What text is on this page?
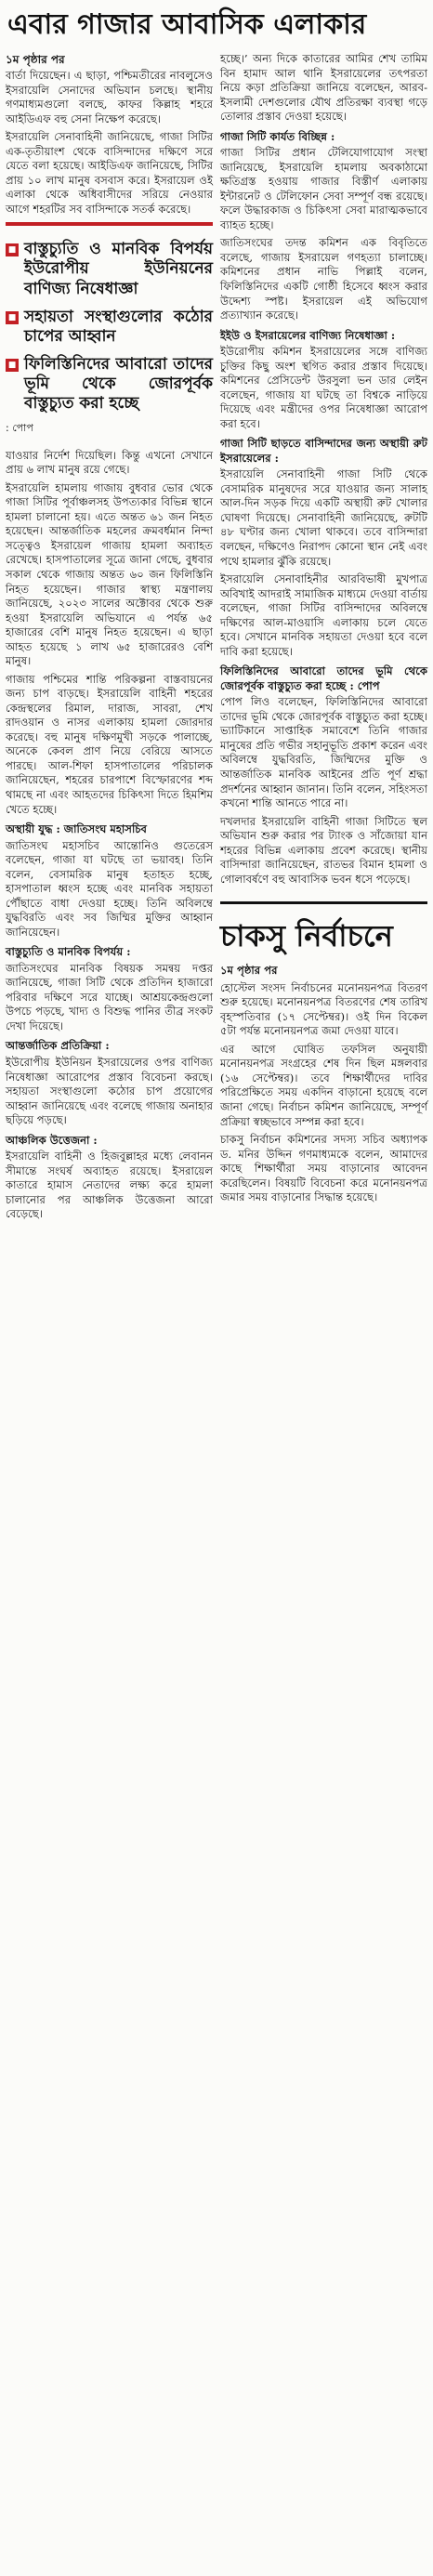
এবার গাজার আবাসিক এলাকার
১ম পৃষ্ঠার পর

বার্তা দিয়েছেন। এ ছাড়া, পশ্চিমতীরের নাবলুসেও ইসরায়েলি সেনাদের অভিযান চলছে। স্থানীয় গণমাধ্যমগুলো বলছে, কাফর কিল্লাহ শহরে আইডিএফ বহু সেনা নিক্ষেপ করেছে।

ইসরায়েলি সেনাবাহিনী জানিয়েছে, গাজা সিটির এক-তৃতীয়াংশ থেকে বাসিন্দাদের দক্ষিণে সরে যেতে বলা হয়েছে। আইডিএফ জানিয়েছে, সিটির প্রায় ১০ লাখ মানুষ বসবাস করে। ইসরায়েল ওই এলাকা থেকে অধিবাসীদের সরিয়ে নেওয়ার আগে শহরটির সব বাসিন্দাকে সতর্ক করেছে।

■ বাস্তুচ্যুতি ও মানবিক বিপর্যয় ইউরোপীয় ইউনিয়নের বাণিজ্য নিষেধাজ্ঞা
■ সহায়তা সংস্থাগুলোর কঠোর চাপের আহ্বান
■ ফিলিস্তিনিদের আবারো তাদের ভূমি থেকে জোরপূর্বক বাস্তুচ্যুত করা হচ্ছে
: পোপ

যাওয়ার নির্দেশ দিয়েছিল। কিন্তু এখনো সেখানে প্রায় ৬ লাখ মানুষ রয়ে গেছে।

ইসরায়েলি হামলায় গাজায় বুধবার ভোর থেকে গাজা সিটির পূর্বাঞ্চলসহ উপত্যকার বিভিন্ন স্থানে হামলা চালানো হয়। এতে অন্তত ৬১ জন নিহত হয়েছেন। আন্তর্জাতিক মহলের ক্রমবর্ধমান নিন্দা সত্ত্বেও ইসরায়েল গাজায় হামলা অব্যাহত রেখেছে। হাসপাতালের সূত্রে জানা গেছে, বুধবার সকাল থেকে গাজায় অন্তত ৬০ জন ফিলিস্তিনি নিহত হয়েছেন। গাজার স্বাস্থ্য মন্ত্রণালয় জানিয়েছে, ২০২৩ সালের অক্টোবর থেকে শুরু হওয়া ইসরায়েলি অভিযানে এ পর্যন্ত ৬৫ হাজারের বেশি মানুষ নিহত হয়েছেন। এ ছাড়া আহত হয়েছে ১ লাখ ৬৫ হাজারেরও বেশি মানুষ।

গাজায় পশ্চিমের শান্তি পরিকল্পনা বাস্তবায়নের জন্য চাপ বাড়ছে। ইসরায়েলি বাহিনী শহরের কেন্দ্রস্থলের রিমাল, দারাজ, সাবরা, শেখ রাদওয়ান ও নাসর এলাকায় হামলা জোরদার করেছে। বহু মানুষ দক্ষিণমুখী সড়কে পালাচ্ছে, অনেকে কেবল প্রাণ নিয়ে বেরিয়ে আসতে পারছে। আল-শিফা হাসপাতালের পরিচালক জানিয়েছেন, শহরের চারপাশে বিস্ফোরণের শব্দ থামছে না এবং আহতদের চিকিৎসা দিতে হিমশিম খেতে হচ্ছে।

অস্থায়ী যুদ্ধ : জাতিসংঘ মহাসচিব

জাতিসংঘ মহাসচিব আন্তোনিও গুতেরেস বলেছেন, গাজা যা ঘটছে তা ভয়াবহ। তিনি বলেন, বেসামরিক মানুষ হতাহত হচ্ছে, হাসপাতাল ধ্বংস হচ্ছে এবং মানবিক সহায়তা পৌঁছাতে বাধা দেওয়া হচ্ছে। তিনি অবিলম্বে যুদ্ধবিরতি এবং সব জিম্মির মুক্তির আহ্বান জানিয়েছেন।

বাস্তুচ্যুতি ও মানবিক বিপর্যয় :

জাতিসংঘের মানবিক বিষয়ক সমন্বয় দপ্তর জানিয়েছে, গাজা সিটি থেকে প্রতিদিন হাজারো পরিবার দক্ষিণে সরে যাচ্ছে। আশ্রয়কেন্দ্রগুলো উপচে পড়ছে, খাদ্য ও বিশুদ্ধ পানির তীব্র সংকট দেখা দিয়েছে।

আন্তর্জাতিক প্রতিক্রিয়া :

ইউরোপীয় ইউনিয়ন ইসরায়েলের ওপর বাণিজ্য নিষেধাজ্ঞা আরোপের প্রস্তাব বিবেচনা করছে। সহায়তা সংস্থাগুলো কঠোর চাপ প্রয়োগের আহ্বান জানিয়েছে এবং বলেছে গাজায় অনাহার ছড়িয়ে পড়ছে।

আঞ্চলিক উত্তেজনা :

ইসরায়েলি বাহিনী ও হিজবুল্লাহর মধ্যে লেবানন সীমান্তে সংঘর্ষ অব্যাহত রয়েছে। ইসরায়েল কাতারে হামাস নেতাদের লক্ষ্য করে হামলা চালানোর পর আঞ্চলিক উত্তেজনা আরো বেড়েছে।

হচ্ছে।’ অন্য দিকে কাতারের আমির শেখ তামিম বিন হামাদ আল থানি ইসরায়েলের তৎপরতা নিয়ে কড়া প্রতিক্রিয়া জানিয়ে বলেছেন, আরব-ইসলামী দেশগুলোর যৌথ প্রতিরক্ষা ব্যবস্থা গড়ে তোলার প্রস্তাব দেওয়া হয়েছে।

গাজা সিটি কার্যত বিচ্ছিন্ন :

গাজা সিটির প্রধান টেলিযোগাযোগ সংস্থা জানিয়েছে, ইসরায়েলি হামলায় অবকাঠামো ক্ষতিগ্রস্ত হওয়ায় গাজার বিস্তীর্ণ এলাকায় ইন্টারনেট ও টেলিফোন সেবা সম্পূর্ণ বন্ধ রয়েছে। ফলে উদ্ধারকাজ ও চিকিৎসা সেবা মারাত্মকভাবে ব্যাহত হচ্ছে।

জাতিসংঘের তদন্ত কমিশন এক বিবৃতিতে বলেছে, গাজায় ইসরায়েল গণহত্যা চালাচ্ছে। কমিশনের প্রধান নাভি পিল্লাই বলেন, ফিলিস্তিনিদের একটি গোষ্ঠী হিসেবে ধ্বংস করার উদ্দেশ্য স্পষ্ট। ইসরায়েল এই অভিযোগ প্রত্যাখ্যান করেছে।

ইইউ ও ইসরায়েলের বাণিজ্য নিষেধাজ্ঞা :

ইউরোপীয় কমিশন ইসরায়েলের সঙ্গে বাণিজ্য চুক্তির কিছু অংশ স্থগিত করার প্রস্তাব দিয়েছে। কমিশনের প্রেসিডেন্ট উরসুলা ভন ডার লেইন বলেছেন, গাজায় যা ঘটছে তা বিশ্বকে নাড়িয়ে দিয়েছে এবং মন্ত্রীদের ওপর নিষেধাজ্ঞা আরোপ করা হবে।

গাজা সিটি ছাড়তে বাসিন্দাদের জন্য অস্থায়ী রুট ইসরায়েলের :

ইসরায়েলি সেনাবাহিনী গাজা সিটি থেকে বেসামরিক মানুষদের সরে যাওয়ার জন্য সালাহ আল-দিন সড়ক দিয়ে একটি অস্থায়ী রুট খোলার ঘোষণা দিয়েছে। সেনাবাহিনী জানিয়েছে, রুটটি ৪৮ ঘণ্টার জন্য খোলা থাকবে। তবে বাসিন্দারা বলছেন, দক্ষিণেও নিরাপদ কোনো স্থান নেই এবং পথে হামলার ঝুঁকি রয়েছে।

ইসরায়েলি সেনাবাহিনীর আরবিভাষী মুখপাত্র অবিখাই আদরাই সামাজিক মাধ্যমে দেওয়া বার্তায় বলেছেন, গাজা সিটির বাসিন্দাদের অবিলম্বে দক্ষিণের আল-মাওয়াসি এলাকায় চলে যেতে হবে। সেখানে মানবিক সহায়তা দেওয়া হবে বলে দাবি করা হয়েছে।

ফিলিস্তিনিদের আবারো তাদের ভূমি থেকে জোরপূর্বক বাস্তুচ্যুত করা হচ্ছে : পোপ

পোপ লিও বলেছেন, ফিলিস্তিনিদের আবারো তাদের ভূমি থেকে জোরপূর্বক বাস্তুচ্যুত করা হচ্ছে। ভ্যাটিকানে সাপ্তাহিক সমাবেশে তিনি গাজার মানুষের প্রতি গভীর সহানুভূতি প্রকাশ করেন এবং অবিলম্বে যুদ্ধবিরতি, জিম্মিদের মুক্তি ও আন্তর্জাতিক মানবিক আইনের প্রতি পূর্ণ শ্রদ্ধা প্রদর্শনের আহ্বান জানান। তিনি বলেন, সহিংসতা কখনো শান্তি আনতে পারে না।

দখলদার ইসরায়েলি বাহিনী গাজা সিটিতে স্থল অভিযান শুরু করার পর ট্যাংক ও সাঁজোয়া যান শহরের বিভিন্ন এলাকায় প্রবেশ করেছে। স্থানীয় বাসিন্দারা জানিয়েছেন, রাতভর বিমান হামলা ও গোলাবর্ষণে বহু আবাসিক ভবন ধসে পড়েছে।

চাকসু নির্বাচনে
১ম পৃষ্ঠার পর

হোস্টেল সংসদ নির্বাচনের মনোনয়নপত্র বিতরণ শুরু হয়েছে। মনোনয়নপত্র বিতরণের শেষ তারিখ বৃহস্পতিবার (১৭ সেপ্টেম্বর)। ওই দিন বিকেল ৫টা পর্যন্ত মনোনয়নপত্র জমা দেওয়া যাবে।

এর আগে ঘোষিত তফসিল অনুযায়ী মনোনয়নপত্র সংগ্রহের শেষ দিন ছিল মঙ্গলবার (১৬ সেপ্টেম্বর)। তবে শিক্ষার্থীদের দাবির পরিপ্রেক্ষিতে সময় একদিন বাড়ানো হয়েছে বলে জানা গেছে। নির্বাচন কমিশন জানিয়েছে, সম্পূর্ণ প্রক্রিয়া স্বচ্ছভাবে সম্পন্ন করা হবে।

চাকসু নির্বাচন কমিশনের সদস্য সচিব অধ্যাপক ড. মনির উদ্দিন গণমাধ্যমকে বলেন, আমাদের কাছে শিক্ষার্থীরা সময় বাড়ানোর আবেদন করেছিলেন। বিষয়টি বিবেচনা করে মনোনয়নপত্র জমার সময় বাড়ানোর সিদ্ধান্ত হয়েছে।
